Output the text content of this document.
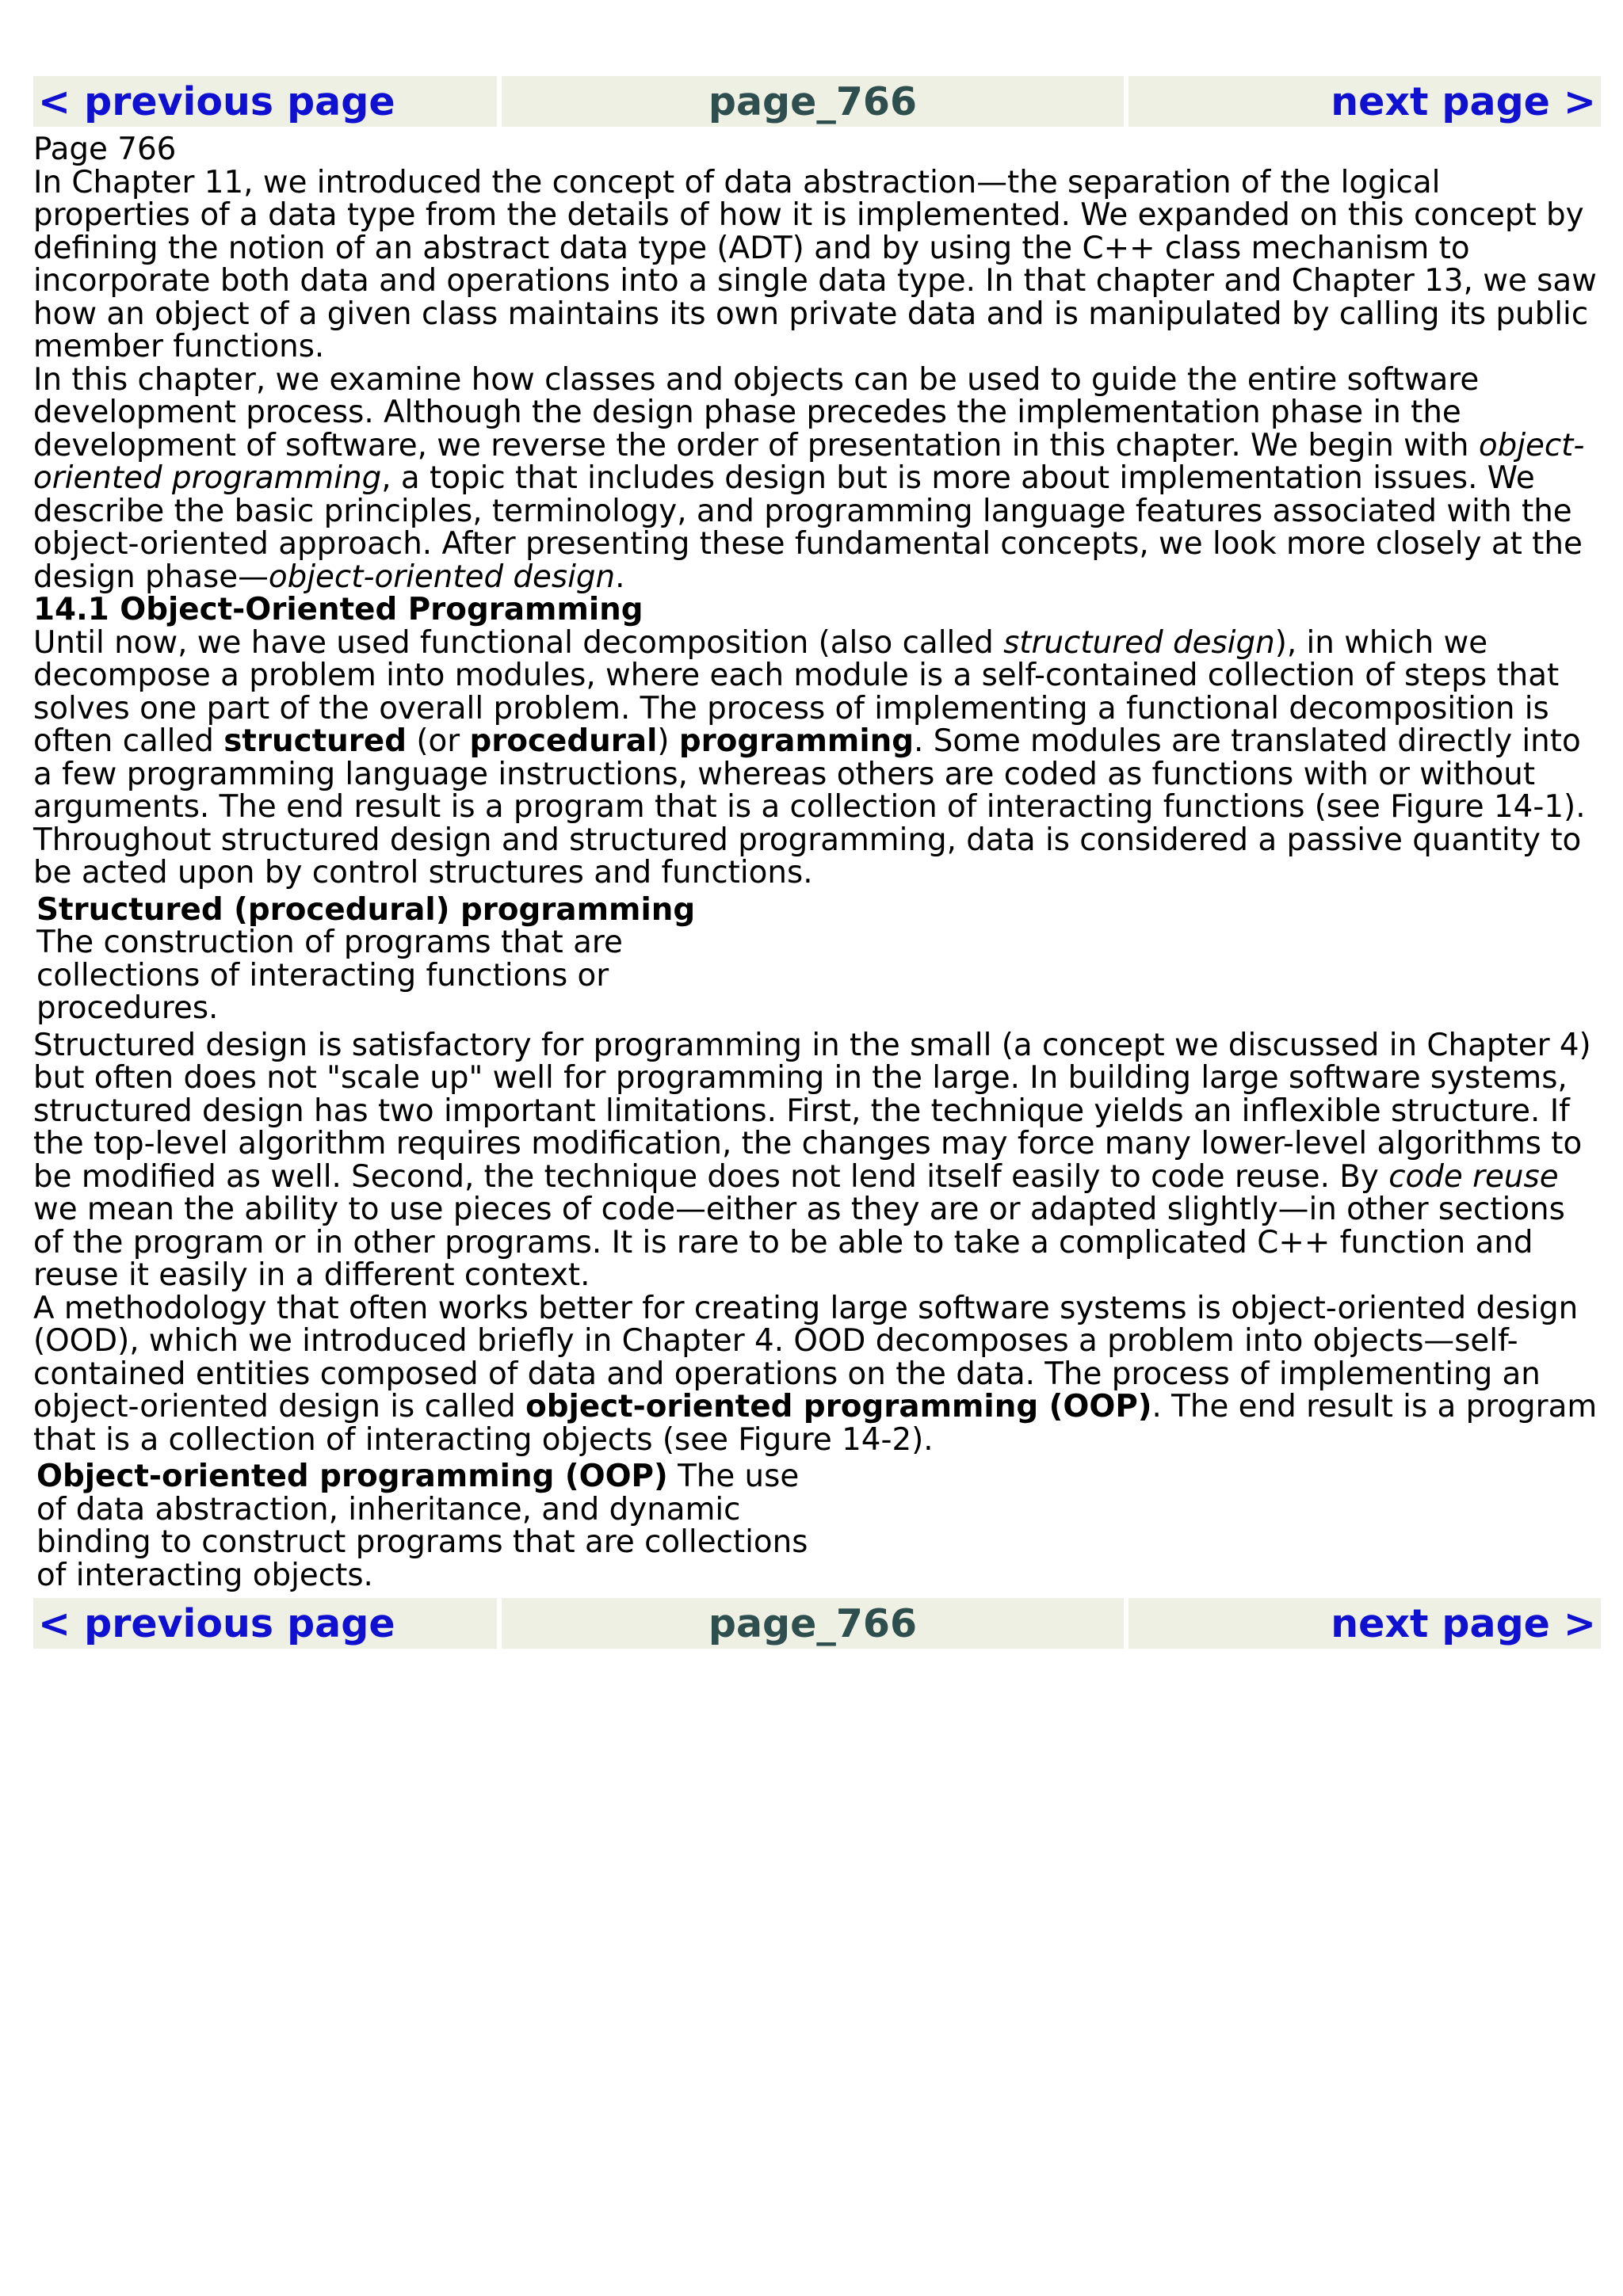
< previous page	page_766	next page >

Page 766

In Chapter 11, we introduced the concept of data abstraction—the separation of the logical properties of a data type from the details of how it is implemented. We expanded on this concept by defining the notion of an abstract data type (ADT) and by using the C++ class mechanism to incorporate both data and operations into a single data type. In that chapter and Chapter 13, we saw how an object of a given class maintains its own private data and is manipulated by calling its public member functions.

In this chapter, we examine how classes and objects can be used to guide the entire software development process. Although the design phase precedes the implementation phase in the development of software, we reverse the order of presentation in this chapter. We begin with object-oriented programming, a topic that includes design but is more about implementation issues. We describe the basic principles, terminology, and programming language features associated with the object-oriented approach. After presenting these fundamental concepts, we look more closely at the design phase—object-oriented design.

14.1 Object-Oriented Programming

Until now, we have used functional decomposition (also called structured design), in which we decompose a problem into modules, where each module is a self-contained collection of steps that solves one part of the overall problem. The process of implementing a functional decomposition is often called structured (or procedural) programming. Some modules are translated directly into a few programming language instructions, whereas others are coded as functions with or without arguments. The end result is a program that is a collection of interacting functions (see Figure 14-1). Throughout structured design and structured programming, data is considered a passive quantity to be acted upon by control structures and functions.

Structured (procedural) programming The construction of programs that are collections of interacting functions or procedures.

Structured design is satisfactory for programming in the small (a concept we discussed in Chapter 4) but often does not "scale up" well for programming in the large. In building large software systems, structured design has two important limitations. First, the technique yields an inflexible structure. If the top-level algorithm requires modification, the changes may force many lower-level algorithms to be modified as well. Second, the technique does not lend itself easily to code reuse. By code reuse we mean the ability to use pieces of code—either as they are or adapted slightly—in other sections of the program or in other programs. It is rare to be able to take a complicated C++ function and reuse it easily in a different context.

A methodology that often works better for creating large software systems is object-oriented design (OOD), which we introduced briefly in Chapter 4. OOD decomposes a problem into objects—self-contained entities composed of data and operations on the data. The process of implementing an object-oriented design is called object-oriented programming (OOP). The end result is a program that is a collection of interacting objects (see Figure 14-2).

Object-oriented programming (OOP) The use of data abstraction, inheritance, and dynamic binding to construct programs that are collections of interacting objects.

< previous page	page_766	next page >
